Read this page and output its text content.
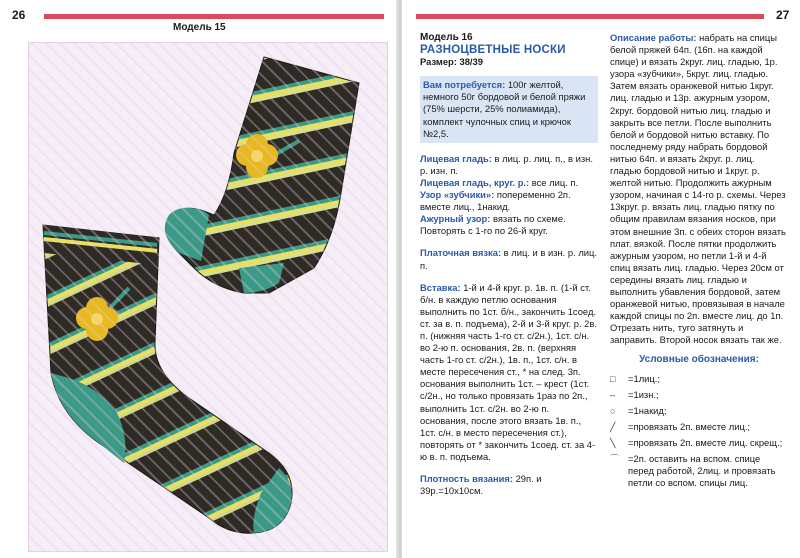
26
Модель 15
27
Модель 16
РАЗНОЦВЕТНЫЕ НОСКИ
Размер: 38/39
Вам потребуется: 100г желтой, немного 50г бордовой и белой пряжи (75% шерсти, 25% полиамида), комплект чулочных спиц и крючок №2,5.
Лицевая гладь: в лиц. р. лиц. п., в изн. р. изн. п.
Лицевая гладь, круг. р.: все лиц. п.
Узор «зубчики»: попеременно 2п. вместе лиц., 1накид.
Ажурный узор: вязать по схеме. Повторять с 1-го по 26-й круг.
Платочная вязка: в лиц. и в изн. р. лиц. п.
Вставка: 1-й и 4-й круг. р. 1в. п. (1-й ст. б/н. в каждую петлю основания выполнить по 1ст. б/н., закончить 1соед. ст. за в. п. подъема), 2-й и 3-й круг. р. 2в. п. (нижняя часть 1-го ст. с/2н.), 1ст. с/н. во 2-ю п. основания, 2в. п. (верхняя часть 1-го ст. с/2н.), 1в. п., 1ст. с/н. в месте пересечения ст., * на след. 3п. основания выполнить 1ст. – крест (1ст. с/2н., но только провязать 1раз по 2п., выполнить 1ст. с/2н. во 2-ю п. основания, после этого вязать 1в. п., 1ст. с/н. в место пересечения ст.), повторять от * закончить 1соед. ст. за 4-ю в. п. подъема.
Плотность вязания: 29п. и 39р.=10х10см.
Описание работы: набрать на спицы белой пряжей 64п. (16п. на каждой спице) и вязать 2круг. лиц. гладью, 1р. узора «зубчики», 5круг. лиц. гладью. Затем вязать оранжевой нитью 1круг. лиц. гладью и 13р. ажурным узором, 2круг. бордовой нитью лиц. гладью и закрыть все петли. После выполнить белой и бордовой нитью вставку. По последнему ряду набрать бордовой нитью 64п. и вязать 2круг. р. лиц. гладью бордовой нитью и 1круг. р. желтой нитью. Продолжить ажурным узором, начиная с 14-го р. схемы. Через 13круг. р. вязать лиц. гладью пятку по общим правилам вязания носков, при этом внешние 3п. с обеих сторон вязать плат. вязкой. После пятки продолжить ажурным узором, но петли 1-й и 4-й спиц вязать лиц. гладью. Через 20см от середины вязать лиц. гладью и выполнить убавления бордовой, затем оранжевой нитью, провязывая в начале каждой спицы по 2п. вместе лиц. до 1п. Отрезать нить, туго затянуть и заправить. Второй носок вязать так же.
Условные обозначения:
□	=1лиц.;
–	=1изн.;
○	=1накид;
╱	=провязать 2п. вместе лиц.;
╲	=провязать 2п. вместе лиц. скрещ.;
⌒ =2п. оставить на вспом. спице перед работой, 2лиц. и провязать петли со вспом. спицы лиц.
